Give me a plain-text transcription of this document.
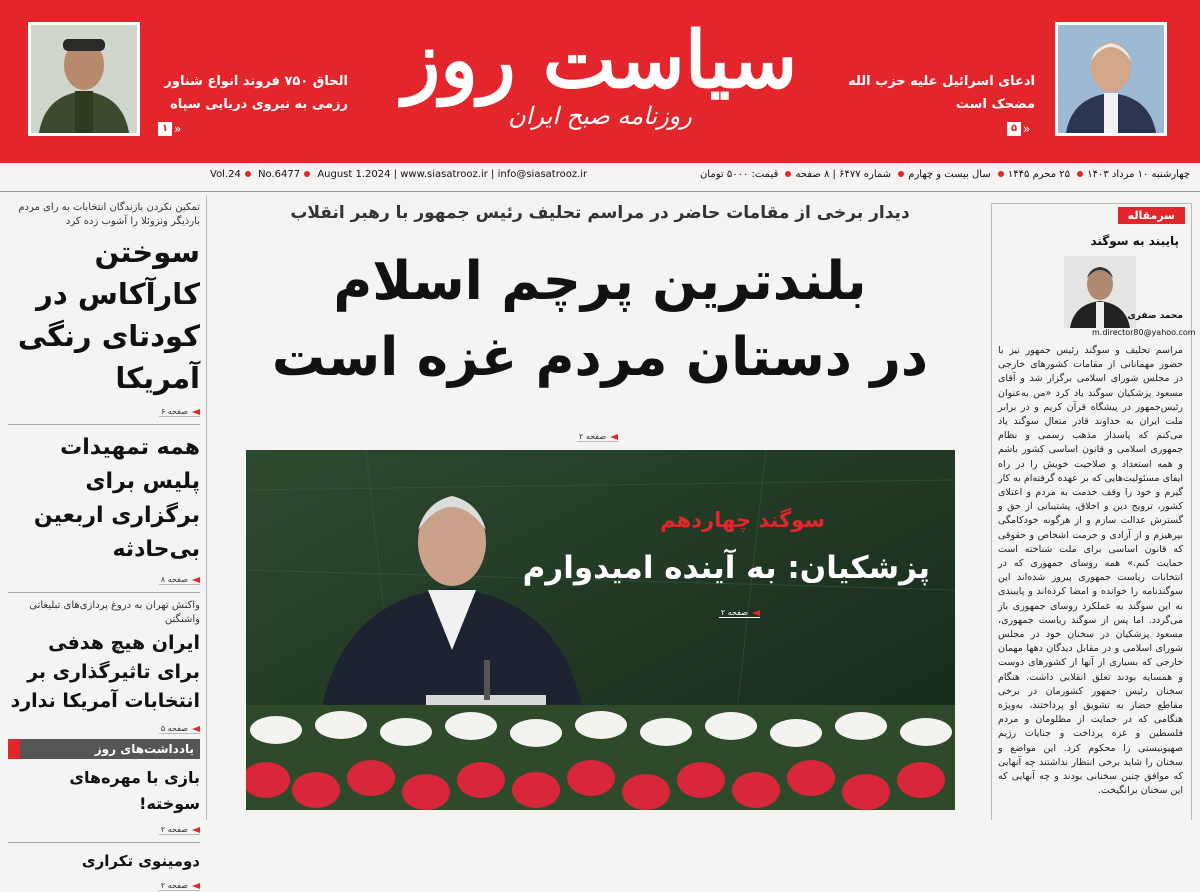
الحاق ۷۵۰ فروند انواع شناور رزمی به نیروی دریایی سپاه
۱ »
سیاست روز
روزنامه صبح ایران
ادعای اسرائیل علیه حزب الله مضحک است
۵ »
چهارشنبه ۱۰ مرداد ۱۴۰۳ ۲۵ محرم ۱۴۴۵ سال بیست و چهارم شماره ۶۴۷۷ | ۸ صفحه قیمت: ۵۰۰۰ تومان
Vol.24 No.6477 August 1.2024 | www.siasatrooz.ir | info@siasatrooz.ir
تمکین نکردن بازندگان انتخابات به رای مردم بارذیگر ونزوئلا را آشوب زده کرد
سوختن کارآکاس در کودتای رنگی آمریکا
صفحه ۶
همه تمهیدات پلیس برای برگزاری اربعین بی‌حادثه
صفحه ۸
واکنش تهران به دروغ پردازی‌های تبلیغاتی واشنگتن
ایران هیچ هدفی برای تاثیرگذاری بر انتخابات آمریکا ندارد
صفحه ۵
یادداشت‌های روز
بازی با مهره‌های سوخته!
صفحه ۲
دومینوی تکراری
صفحه ۲
دیدار برخی از مقامات حاضر در مراسم تحلیف رئیس جمهور با رهبر انقلاب
بلندترین پرچم اسلام
در دستان مردم غزه است
صفحه ۲
سوگند چهاردهم
پزشکیان: به آینده امیدوارم
صفحه ۲
سرمقاله
پایبند به سوگند
محمد صفری
m.director80@yahoo.com
مراسم تحلیف و سوگند رئیس جمهور نیز با حضور مهمانانی از مقامات کشورهای خارجی در مجلس شورای اسلامی برگزار شد و آقای مسعود پزشکیان سوگند یاد کرد «من به‌عنوان رئیس‌جمهور در پیشگاه قرآن کریم و در برابر ملت ایران به خداوند قادر متعال سوگند یاد می‌کنم که پاسدار مذهب رسمی و نظام جمهوری اسلامی و قانون اساسی کشور باشم و همه استعداد و صلاحیت خویش را در راه ایفای مسئولیت‌هایی که بر عهده گرفته‌ام به کار گیرم و خود را وقف خدمت به مردم و اعتلای کشور، ترویج دین و اخلاق، پشتیبانی از حق و گسترش عدالت سازم و از هرگونه خودکامگی بپرهیزم و از آزادی و حرمت اشخاص و حقوقی که قانون اساسی برای ملت شناخته است حمایت کنم.» همه روسای جمهوری که در انتخابات ریاست جمهوری پیروز شده‌اند این سوگندنامه را خوانده و امضا کرده‌اند و پایبندی به این سوگند به عملکرد روسای جمهوری باز می‌گردد. اما پس از سوگند ریاست جمهوری، مسعود پزشکیان در سخنان خود در مجلس شورای اسلامی و در مقابل دیدگان دهها مهمان خارجی که بسیاری از آنها از کشورهای دوست و همسایه بودند تعلق انقلابی داشت. هنگام سخنان رئیس جمهور کشورمان در برخی مقاطع حضار به تشویق او پرداختند، به‌ویژه هنگامی که در حمایت از مظلومان و مردم فلسطین و غزه پرداخت و جنایات رژیم صهیونیستی را محکوم کرد. این مواضع و سخنان را شاید برخی انتظار نداشتند چه آنهایی که موافق چنین سخنانی بودند و چه آنهایی که این سخنان برانگیخت.
